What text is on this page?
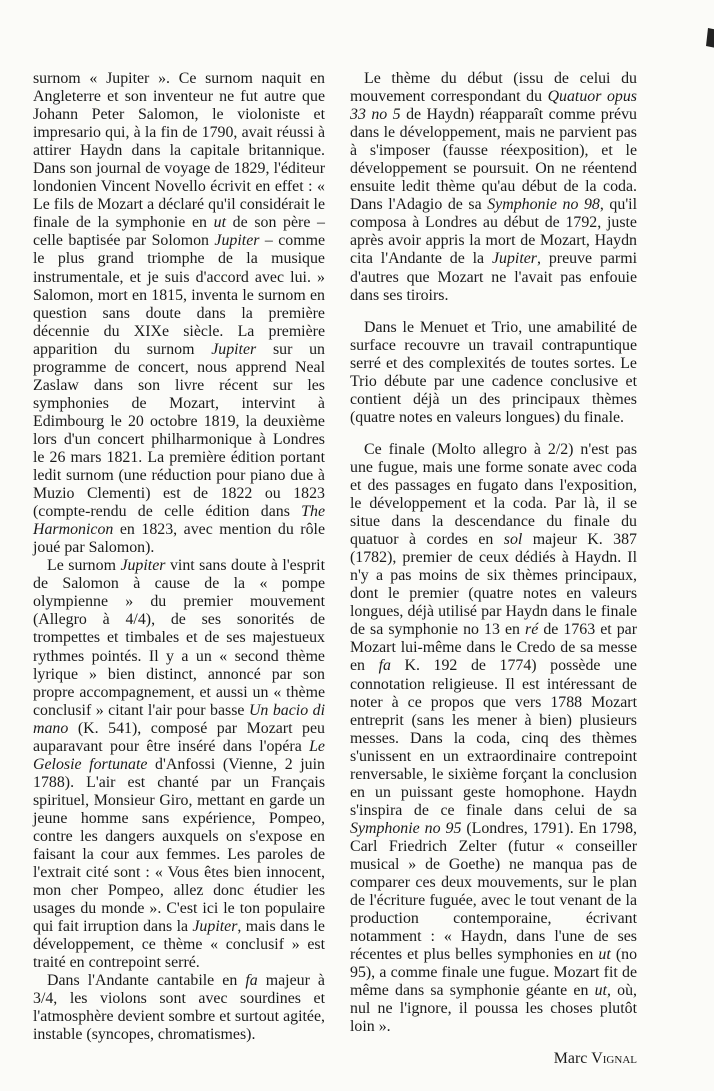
surnom « Jupiter ». Ce surnom naquit en Angleterre et son inventeur ne fut autre que Johann Peter Salomon, le violoniste et impresario qui, à la fin de 1790, avait réussi à attirer Haydn dans la capitale britannique. Dans son journal de voyage de 1829, l'éditeur londonien Vincent Novello écrivit en effet : « Le fils de Mozart a déclaré qu'il considérait le finale de la symphonie en ut de son père – celle baptisée par Solomon Jupiter – comme le plus grand triomphe de la musique instrumentale, et je suis d'accord avec lui. » Salomon, mort en 1815, inventa le surnom en question sans doute dans la première décennie du XIXe siècle. La première apparition du surnom Jupiter sur un programme de concert, nous apprend Neal Zaslaw dans son livre récent sur les symphonies de Mozart, intervint à Edimbourg le 20 octobre 1819, la deuxième lors d'un concert philharmonique à Londres le 26 mars 1821. La première édition portant ledit surnom (une réduction pour piano due à Muzio Clementi) est de 1822 ou 1823 (compte-rendu de celle édition dans The Harmonicon en 1823, avec mention du rôle joué par Salomon).

Le surnom Jupiter vint sans doute à l'esprit de Salomon à cause de la « pompe olympienne » du premier mouvement (Allegro à 4/4), de ses sonorités de trompettes et timbales et de ses majestueux rythmes pointés. Il y a un « second thème lyrique » bien distinct, annoncé par son propre accompagnement, et aussi un « thème conclusif » citant l'air pour basse Un bacio di mano (K. 541), composé par Mozart peu auparavant pour être inséré dans l'opéra Le Gelosie fortunate d'Anfossi (Vienne, 2 juin 1788). L'air est chanté par un Français spirituel, Monsieur Giro, mettant en garde un jeune homme sans expérience, Pompeo, contre les dangers auxquels on s'expose en faisant la cour aux femmes. Les paroles de l'extrait cité sont : « Vous êtes bien innocent, mon cher Pompeo, allez donc étudier les usages du monde ». C'est ici le ton populaire qui fait irruption dans la Jupiter, mais dans le développement, ce thème « conclusif » est traité en contrepoint serré.

Dans l'Andante cantabile en fa majeur à 3/4, les violons sont avec sourdines et l'atmosphère devient sombre et surtout agitée, instable (syncopes, chromatismes).

Le thème du début (issu de celui du mouvement correspondant du Quatuor opus 33 no 5 de Haydn) réapparaît comme prévu dans le développement, mais ne parvient pas à s'imposer (fausse réexposition), et le développement se poursuit. On ne réentend ensuite ledit thème qu'au début de la coda. Dans l'Adagio de sa Symphonie no 98, qu'il composa à Londres au début de 1792, juste après avoir appris la mort de Mozart, Haydn cita l'Andante de la Jupiter, preuve parmi d'autres que Mozart ne l'avait pas enfouie dans ses tiroirs.

Dans le Menuet et Trio, une amabilité de surface recouvre un travail contrapuntique serré et des complexités de toutes sortes. Le Trio débute par une cadence conclusive et contient déjà un des principaux thèmes (quatre notes en valeurs longues) du finale.

Ce finale (Molto allegro à 2/2) n'est pas une fugue, mais une forme sonate avec coda et des passages en fugato dans l'exposition, le développement et la coda. Par là, il se situe dans la descendance du finale du quatuor à cordes en sol majeur K. 387 (1782), premier de ceux dédiés à Haydn. Il n'y a pas moins de six thèmes principaux, dont le premier (quatre notes en valeurs longues, déjà utilisé par Haydn dans le finale de sa symphonie no 13 en ré de 1763 et par Mozart lui-même dans le Credo de sa messe en fa K. 192 de 1774) possède une connotation religieuse. Il est intéressant de noter à ce propos que vers 1788 Mozart entreprit (sans les mener à bien) plusieurs messes. Dans la coda, cinq des thèmes s'unissent en un extraordinaire contrepoint renversable, le sixième forçant la conclusion en un puissant geste homophone. Haydn s'inspira de ce finale dans celui de sa Symphonie no 95 (Londres, 1791). En 1798, Carl Friedrich Zelter (futur « conseiller musical » de Goethe) ne manqua pas de comparer ces deux mouvements, sur le plan de l'écriture fuguée, avec le tout venant de la production contemporaine, écrivant notamment : « Haydn, dans l'une de ses récentes et plus belles symphonies en ut (no 95), a comme finale une fugue. Mozart fit de même dans sa symphonie géante en ut, où, nul ne l'ignore, il poussa les choses plutôt loin ».

Marc Vignal
